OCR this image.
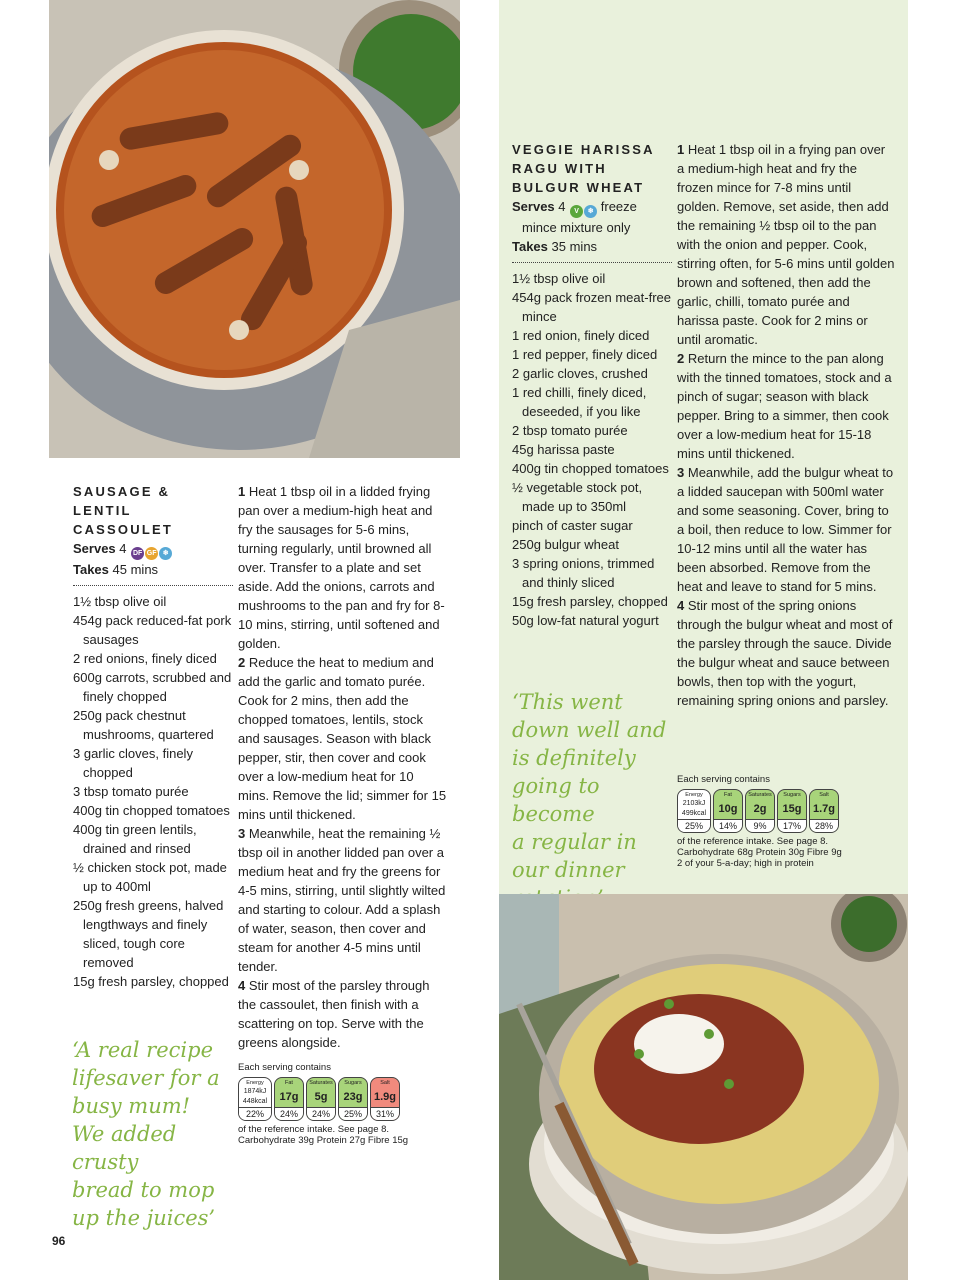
SAUSAGE & LENTIL
CASSOULET
Serves 4 DF GF ❄
Takes 45 mins
1½ tbsp olive oil
454g pack reduced-fat pork sausages
2 red onions, finely diced
600g carrots, scrubbed and finely chopped
250g pack chestnut mushrooms, quartered
3 garlic cloves, finely chopped
3 tbsp tomato purée
400g tin chopped tomatoes
400g tin green lentils, drained and rinsed
½ chicken stock pot, made up to 400ml
250g fresh greens, halved lengthways and finely sliced, tough core removed
15g fresh parsley, chopped
‘A real recipe
lifesaver for a
busy mum!
We added crusty
bread to mop
up the juices’

1 Heat 1 tbsp oil in a lidded frying pan over a medium-high heat and fry the sausages for 5-6 mins, turning regularly, until browned all over. Transfer to a plate and set aside. Add the onions, carrots and mushrooms to the pan and fry for 8-10 mins, stirring, until softened and golden.

2 Reduce the heat to medium and add the garlic and tomato purée. Cook for 2 mins, then add the chopped tomatoes, lentils, stock and sausages. Season with black pepper, stir, then cover and cook over a low-medium heat for 10 mins. Remove the lid; simmer for 15 mins until thickened.

3 Meanwhile, heat the remaining ½ tbsp oil in another lidded pan over a medium heat and fry the greens for 4-5 mins, stirring, until slightly wilted and starting to colour. Add a splash of water, season, then cover and steam for another 4-5 mins until tender.

4 Stir most of the parsley through the cassoulet, then finish with a scattering on top. Serve with the greens alongside.

Each serving contains
Energy
1874kJ
448kcal
22%
Fat
17g
24%
Saturates
5g
24%
Sugars
23g
25%
Salt
1.9g
31%
of the reference intake. See page 8.
Carbohydrate 39g Protein 27g Fibre 15g
VEGGIE HARISSA
RAGU WITH
BULGUR WHEAT
Serves 4 V ❄ freeze
mince mixture only
Takes 35 mins
1½ tbsp olive oil
454g pack frozen meat-free mince
1 red onion, finely diced
1 red pepper, finely diced
2 garlic cloves, crushed
1 red chilli, finely diced, deseeded, if you like
2 tbsp tomato purée
45g harissa paste
400g tin chopped tomatoes
½ vegetable stock pot, made up to 350ml
pinch of caster sugar
250g bulgur wheat
3 spring onions, trimmed and thinly sliced
15g fresh parsley, chopped
50g low-fat natural yogurt
‘This went
down well and
is definitely
going to become
a regular in
our dinner

1 Heat 1 tbsp oil in a frying pan over a medium-high heat and fry the frozen mince for 7-8 mins until golden. Remove, set aside, then add the remaining ½ tbsp oil to the pan with the onion and pepper. Cook, stirring often, for 5-6 mins until golden brown and softened, then add the garlic, chilli, tomato purée and harissa paste. Cook for 2 mins or until aromatic.

2 Return the mince to the pan along with the tinned tomatoes, stock and a pinch of sugar; season with black pepper. Bring to a simmer, then cook over a low-medium heat for 15-18 mins until thickened.

3 Meanwhile, add the bulgur wheat to a lidded saucepan with 500ml water and some seasoning. Cover, bring to a boil, then reduce to low. Simmer for 10-12 mins until all the water has been absorbed. Remove from the heat and leave to stand for 5 mins.

4 Stir most of the spring onions through the bulgur wheat and most of the parsley through the sauce. Divide the bulgur wheat and sauce between bowls, then top with the yogurt, remaining spring onions and parsley.

Each serving contains
Energy
2103kJ
499kcal
25%
Fat
10g
14%
Saturates
2g
9%
Sugars
15g
17%
Salt
1.7g
28%
of the reference intake. See page 8.
Carbohydrate 68g Protein 30g Fibre 9g
2 of your 5-a-day; high in protein
96
